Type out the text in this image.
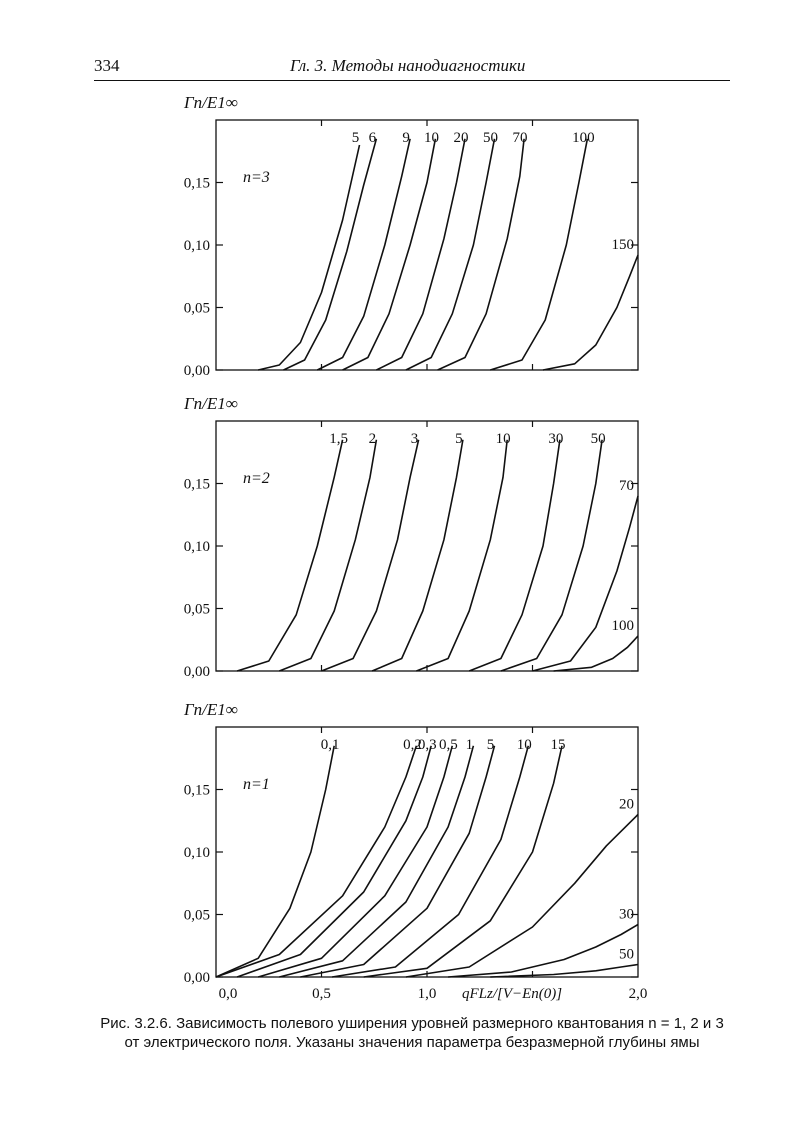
334	Гл. 3. Методы нанодиагностики
0,00
0,05
0,10
0,15
Γn/E1∞
n=3
5 6 9 10 20 50 70	100
150
0,00
0,05
0,10
0,15
Γn/E1∞
n=2
1,5 2 3 5 10	30 50
70
100
0,00
0,05
0,10
0,15
0,0	0,5	1,0	2,0
qFLz/[V−En(0)]
Γn/E1∞
n=1
0,1	0,2
0,3 0,5 1 5 10 15
20
30
50
Рис. 3.2.6. Зависимость полевого уширения уровней размерного квантования n = 1, 2 и 3 от электрического поля. Указаны значения параметра безразмерной глубины ямы
